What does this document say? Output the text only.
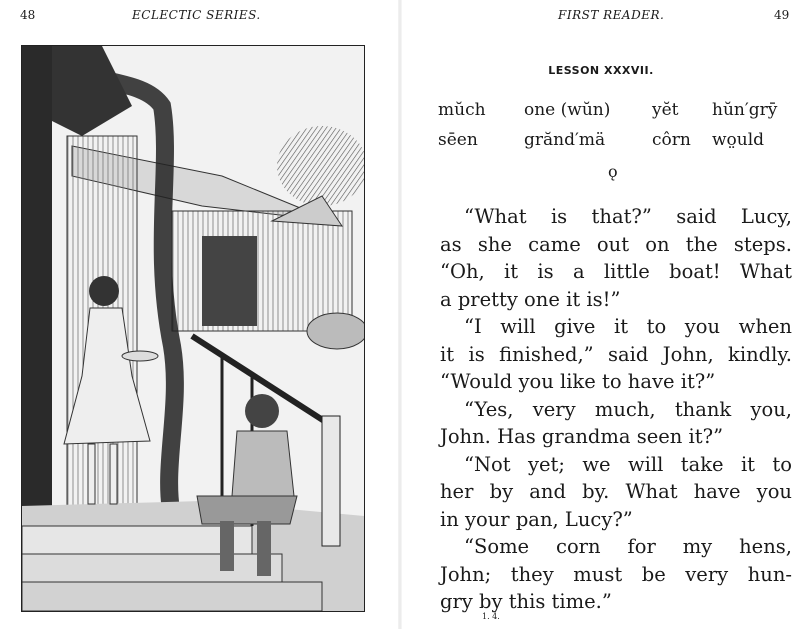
48	ECLECTIC SERIES.	FIRST READER.	49
LESSON XXXVII.
mŭch	one (wŭn)	yĕt	hŭn′grȳ
sēen	grănd′mä	côrn	wo̤uld
ǫ
“What is that?” said Lucy,
as she came out on the steps.
“Oh, it is a little boat! What
a pretty one it is!”
“I will give it to you when
it is finished,” said John, kindly.
“Would you like to have it?”
“Yes, very much, thank you,
John. Has grandma seen it?”
“Not yet; we will take it to
her by and by. What have you
in your pan, Lucy?”
“Some corn for my hens,
John; they must be very hun-
gry by this time.”
1. 4.
